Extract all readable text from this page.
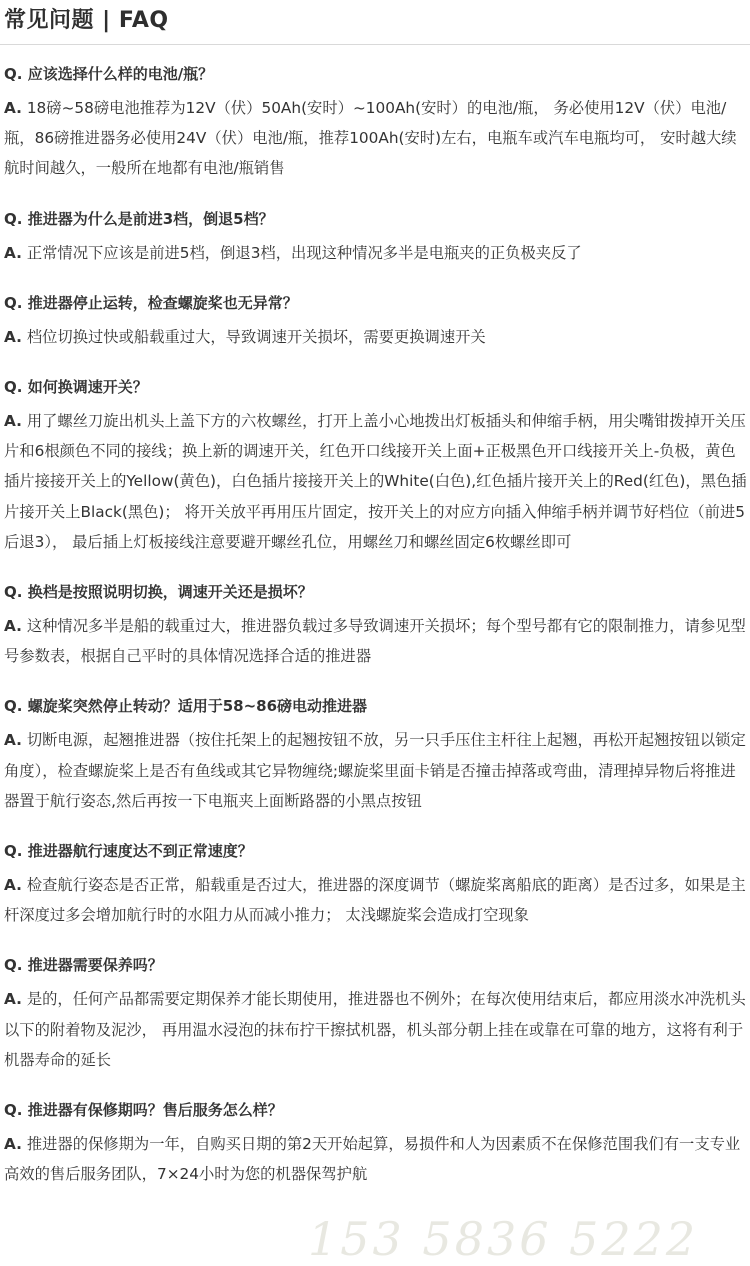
常见问题 | FAQ
Q. 应该选择什么样的电池/瓶？
A. 18磅~58磅电池推荐为12V（伏）50Ah(安时）~100Ah(安时）的电池/瓶， 务必使用12V（伏）电池/瓶，86磅推进器务必使用24V（伏）电池/瓶，推荐100Ah(安时)左右，电瓶车或汽车电瓶均可， 安时越大续航时间越久，一般所在地都有电池/瓶销售
Q. 推进器为什么是前进3档，倒退5档？
A. 正常情况下应该是前进5档，倒退3档，出现这种情况多半是电瓶夹的正负极夹反了
Q. 推进器停止运转，检查螺旋桨也无异常？
A. 档位切换过快或船载重过大，导致调速开关损坏，需要更换调速开关
Q. 如何换调速开关？
A. 用了螺丝刀旋出机头上盖下方的六枚螺丝，打开上盖小心地拨出灯板插头和伸缩手柄，用尖嘴钳拨掉开关压片和6根颜色不同的接线；换上新的调速开关，红色开口线接开关上面+正极黑色开口线接开关上-负极，黄色插片接接开关上的Yellow(黄色)，白色插片接接开关上的White(白色),红色插片接开关上的Red(红色)，黑色插片接开关上Black(黑色)； 将开关放平再用压片固定，按开关上的对应方向插入伸缩手柄并调节好档位（前进5 后退3）， 最后插上灯板接线注意要避开螺丝孔位，用螺丝刀和螺丝固定6枚螺丝即可
Q. 换档是按照说明切换，调速开关还是损坏？
A. 这种情况多半是船的载重过大，推进器负载过多导致调速开关损坏；每个型号都有它的限制推力，请参见型号参数表，根据自己平时的具体情况选择合适的推进器
Q. 螺旋桨突然停止转动？适用于58~86磅电动推进器
A. 切断电源，起翘推进器（按住托架上的起翘按钮不放，另一只手压住主杆往上起翘，再松开起翘按钮以锁定角度），检查螺旋桨上是否有鱼线或其它异物缠绕;螺旋桨里面卡销是否撞击掉落或弯曲，清理掉异物后将推进器置于航行姿态,然后再按一下电瓶夹上面断路器的小黑点按钮
Q. 推进器航行速度达不到正常速度？
A. 检查航行姿态是否正常，船载重是否过大，推进器的深度调节（螺旋桨离船底的距离）是否过多，如果是主杆深度过多会增加航行时的水阻力从而减小推力； 太浅螺旋桨会造成打空现象
Q. 推进器需要保养吗？
A. 是的，任何产品都需要定期保养才能长期使用，推进器也不例外；在每次使用结束后，都应用淡水冲洗机头以下的附着物及泥沙， 再用温水浸泡的抹布拧干擦拭机器，机头部分朝上挂在或靠在可靠的地方，这将有利于机器寿命的延长
Q. 推进器有保修期吗？售后服务怎么样？
A. 推进器的保修期为一年，自购买日期的第2天开始起算，易损件和人为因素质不在保修范围我们有一支专业高效的售后服务团队，7×24小时为您的机器保驾护航
153 5836 5222
